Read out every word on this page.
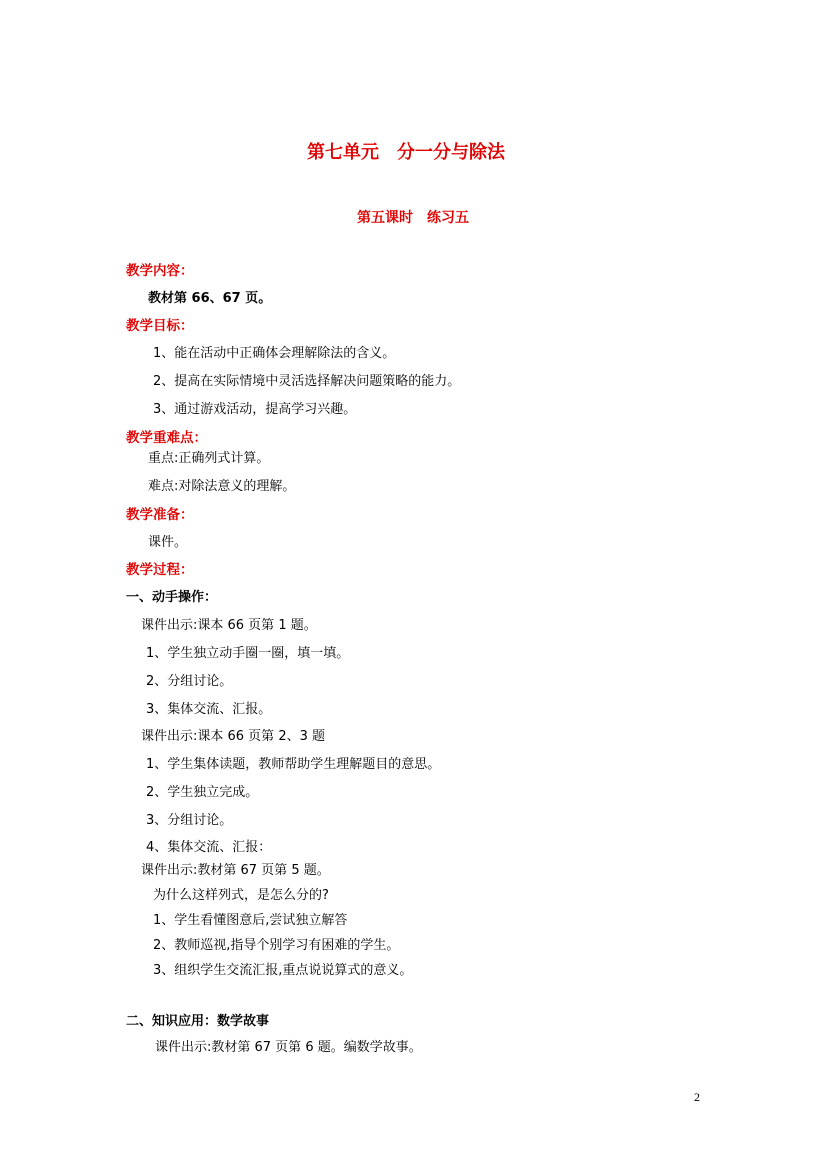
第七单元　分一分与除法
第五课时　练习五
教学内容：
教材第 66、67 页。
教学目标：
1、能在活动中正确体会理解除法的含义。
2、提高在实际情境中灵活选择解决问题策略的能力。
3、通过游戏活动，提高学习兴趣。
教学重难点：
重点:正确列式计算。
难点:对除法意义的理解。
教学准备：
课件。
教学过程：
一、动手操作：
课件出示:课本 66 页第 1 题。
1、学生独立动手圈一圈，填一填。
2、分组讨论。
3、集体交流、汇报。
课件出示:课本 66 页第 2、3 题
1、学生集体读题，教师帮助学生理解题目的意思。
2、学生独立完成。
3、分组讨论。
4、集体交流、汇报：
课件出示:教材第 67 页第 5 题。
为什么这样列式，是怎么分的?
1、学生看懂图意后,尝试独立解答
2、教师巡视,指导个别学习有困难的学生。
3、组织学生交流汇报,重点说说算式的意义。
二、知识应用：数学故事
课件出示:教材第 67 页第 6 题。编数学故事。
2
